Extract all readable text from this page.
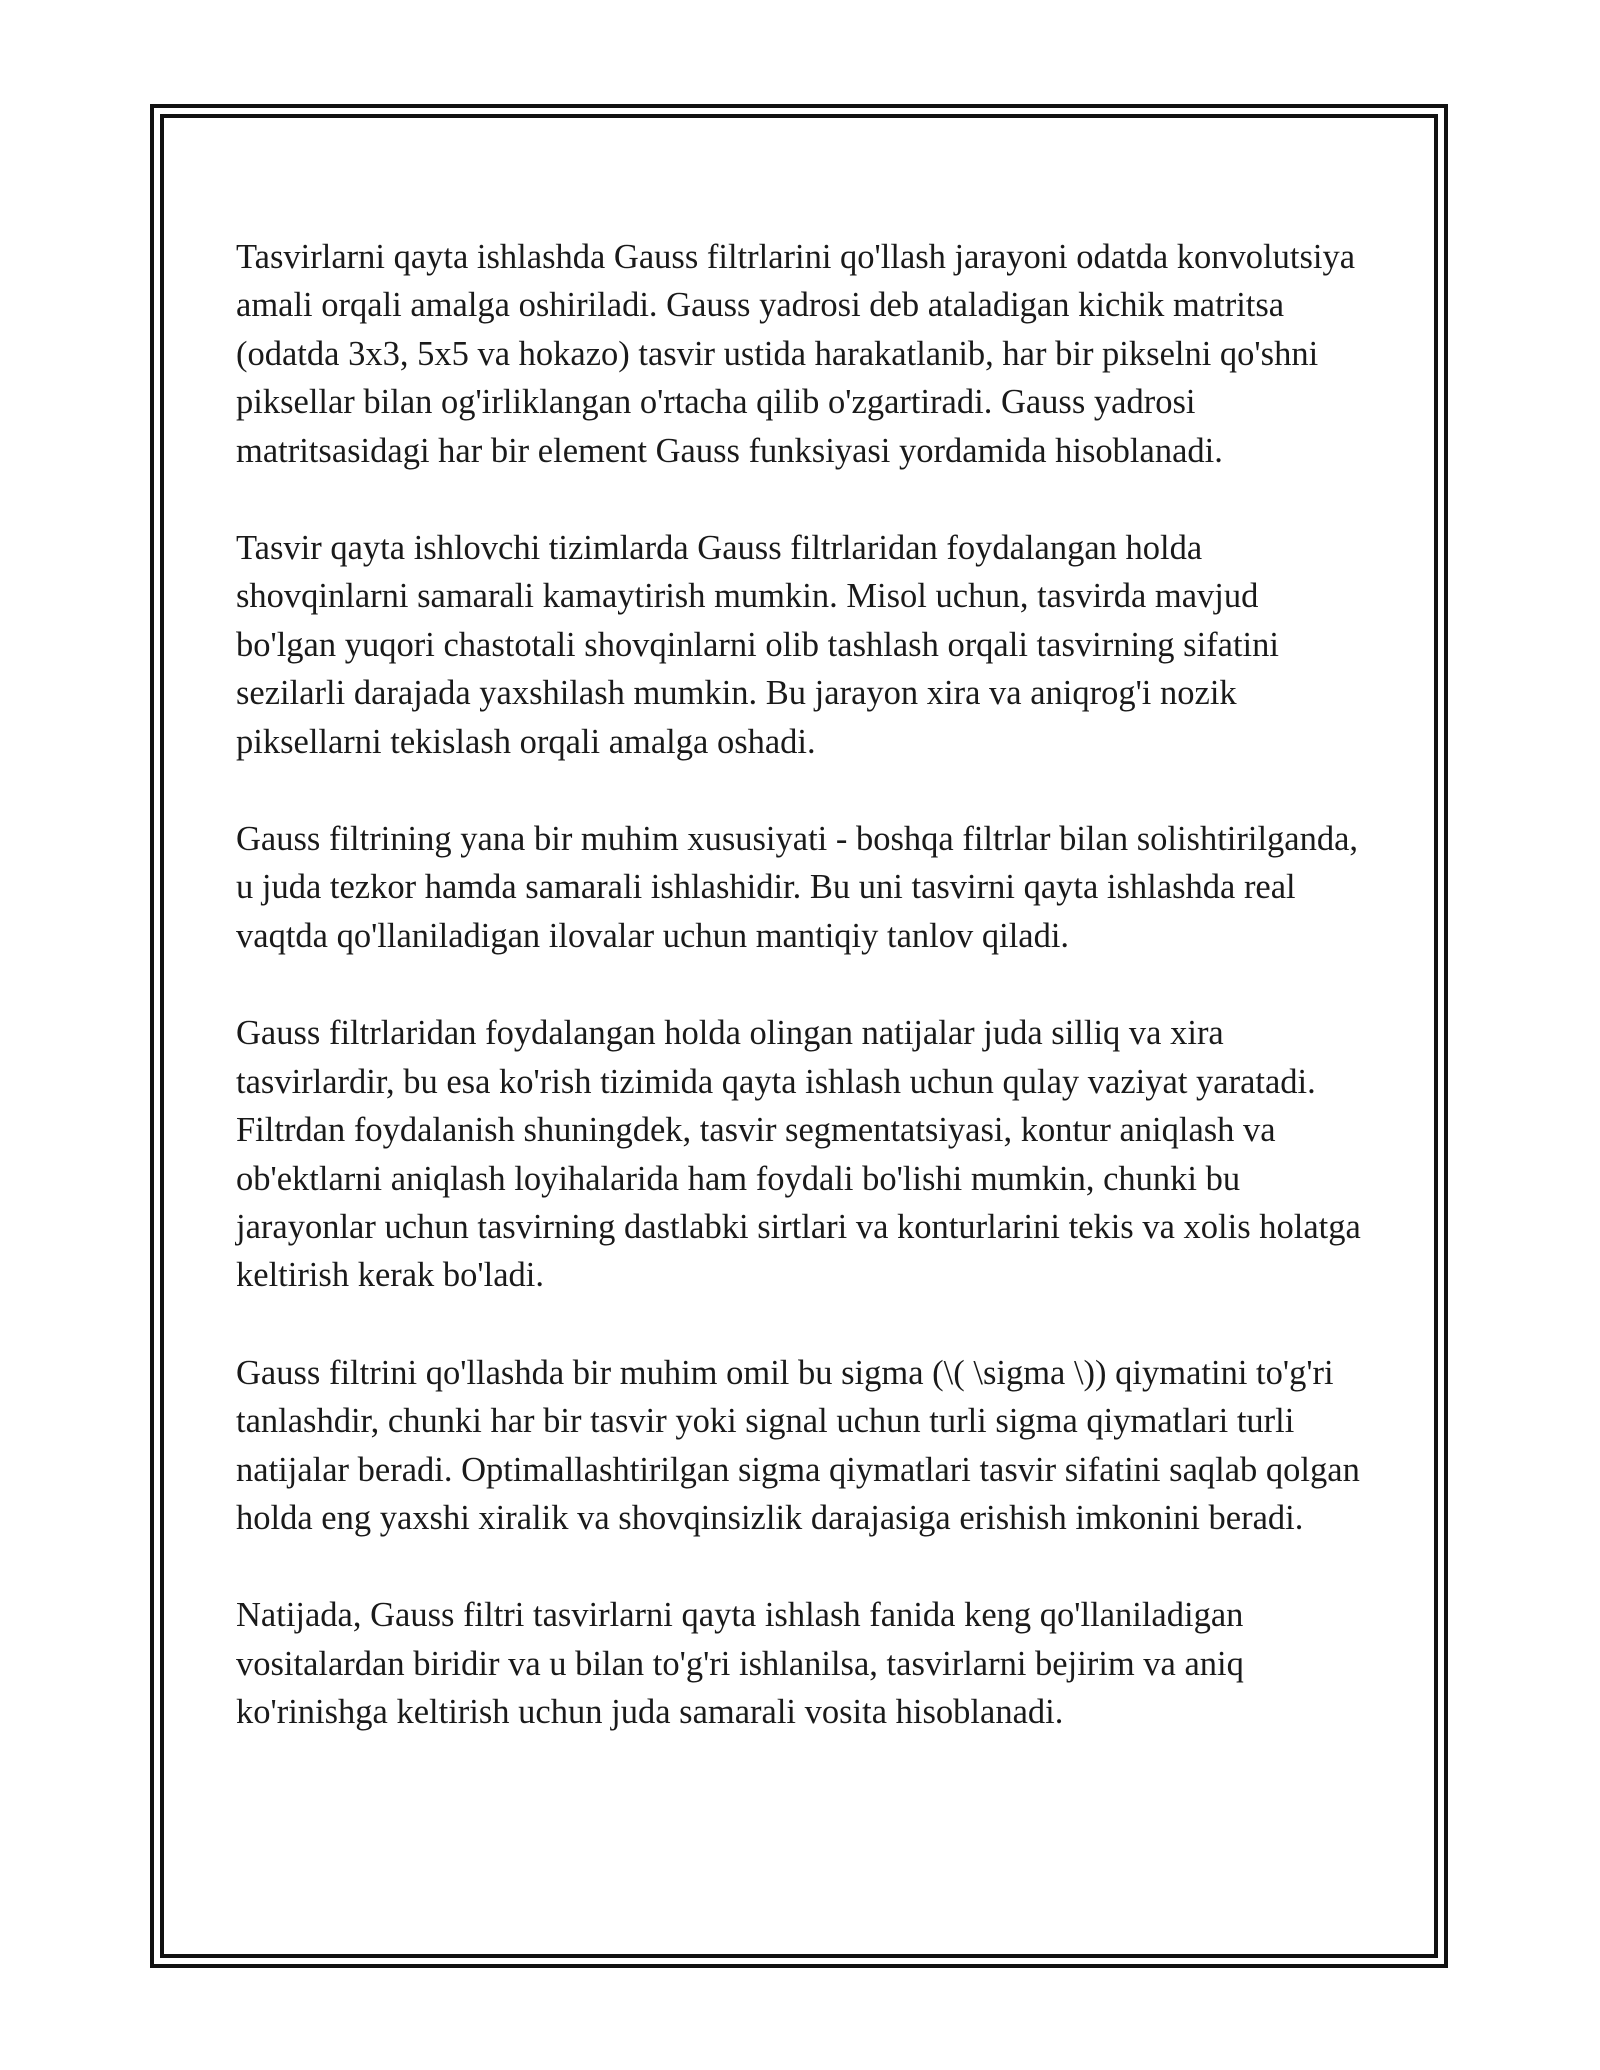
Tasvirlarni qayta ishlashda Gauss filtrlarini qo'llash jarayoni odatda konvolutsiya amali orqali amalga oshiriladi. Gauss yadrosi deb ataladigan kichik matritsa (odatda 3x3, 5x5 va hokazo) tasvir ustida harakatlanib, har bir pikselni qo'shni piksellar bilan og'irliklangan o'rtacha qilib o'zgartiradi. Gauss yadrosi matritsasidagi har bir element Gauss funksiyasi yordamida hisoblanadi.

Tasvir qayta ishlovchi tizimlarda Gauss filtrlaridan foydalangan holda shovqinlarni samarali kamaytirish mumkin. Misol uchun, tasvirda mavjud bo'lgan yuqori chastotali shovqinlarni olib tashlash orqali tasvirning sifatini sezilarli darajada yaxshilash mumkin. Bu jarayon xira va aniqrog'i nozik piksellarni tekislash orqali amalga oshadi.

Gauss filtrining yana bir muhim xususiyati - boshqa filtrlar bilan solishtirilganda, u juda tezkor hamda samarali ishlashidir. Bu uni tasvirni qayta ishlashda real vaqtda qo'llaniladigan ilovalar uchun mantiqiy tanlov qiladi.

Gauss filtrlaridan foydalangan holda olingan natijalar juda silliq va xira tasvirlardir, bu esa ko'rish tizimida qayta ishlash uchun qulay vaziyat yaratadi. Filtrdan foydalanish shuningdek, tasvir segmentatsiyasi, kontur aniqlash va ob'ektlarni aniqlash loyihalarida ham foydali bo'lishi mumkin, chunki bu jarayonlar uchun tasvirning dastlabki sirtlari va konturlarini tekis va xolis holatga keltirish kerak bo'ladi.

Gauss filtrini qo'llashda bir muhim omil bu sigma (\( \sigma \)) qiymatini to'g'ri tanlashdir, chunki har bir tasvir yoki signal uchun turli sigma qiymatlari turli natijalar beradi. Optimallashtirilgan sigma qiymatlari tasvir sifatini saqlab qolgan holda eng yaxshi xiralik va shovqinsizlik darajasiga erishish imkonini beradi.

Natijada, Gauss filtri tasvirlarni qayta ishlash fanida keng qo'llaniladigan vositalardan biridir va u bilan to'g'ri ishlanilsa, tasvirlarni bejirim va aniq ko'rinishga keltirish uchun juda samarali vosita hisoblanadi.
